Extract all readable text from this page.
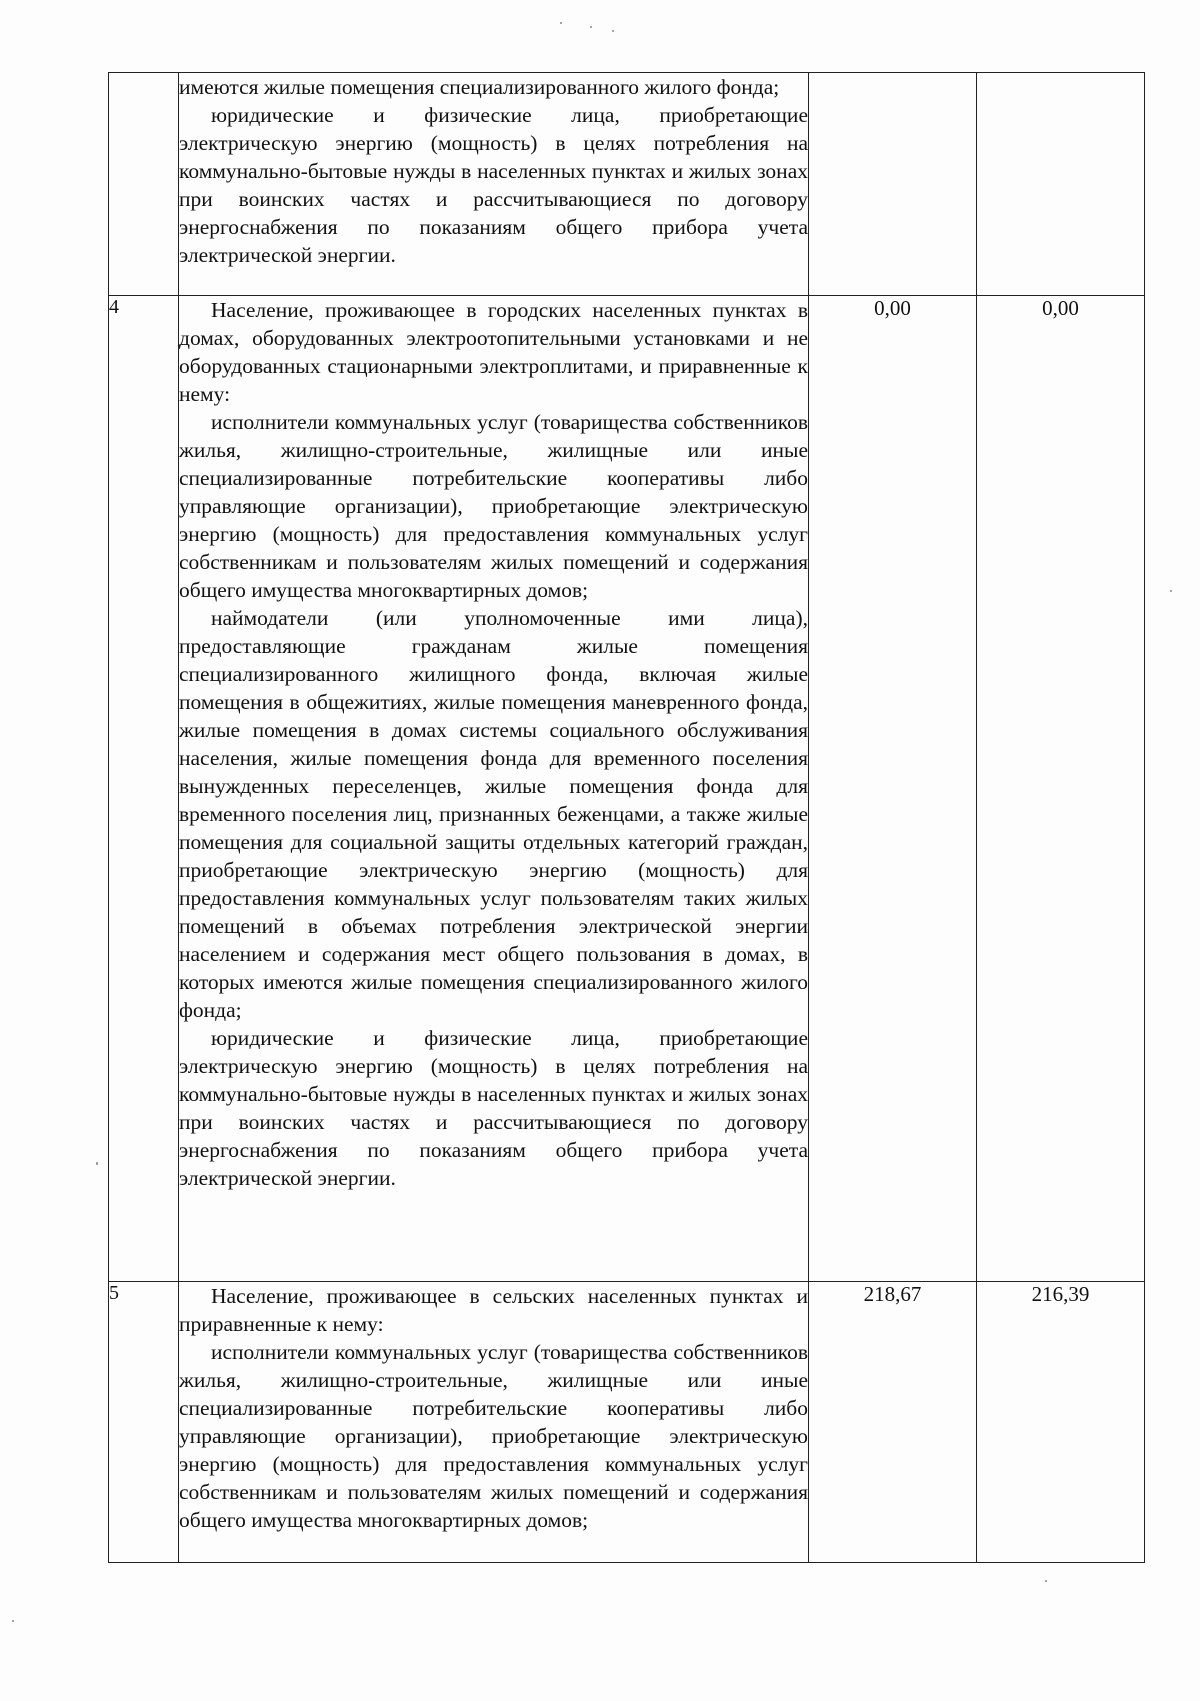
	имеются жилые помещения специализированного жилого фонда;

юридические и физические лица, приобретающие электрическую энергию (мощность) в целях потребления на коммунально-бытовые нужды в населенных пунктах и жилых зонах при воинских частях и рассчитывающиеся по договору энергоснабжения по показаниям общего прибора учета электрической энергии.		

4	Население, проживающее в городских населенных пунктах в домах, оборудованных электроотопительными установками и не оборудованных стационарными электроплитами, и приравненные к нему:

исполнители коммунальных услуг (товарищества собственников жилья, жилищно-строительные, жилищные или иные специализированные потребительские кооперативы либо управляющие организации), приобретающие электрическую энергию (мощность) для предоставления коммунальных услуг собственникам и пользователям жилых помещений и содержания общего имущества многоквартирных домов;

наймодатели (или уполномоченные ими лица), предоставляющие гражданам жилые помещения специализированного жилищного фонда, включая жилые помещения в общежитиях, жилые помещения маневренного фонда, жилые помещения в домах системы социального обслуживания населения, жилые помещения фонда для временного поселения вынужденных переселенцев, жилые помещения фонда для временного поселения лиц, признанных беженцами, а также жилые помещения для социальной защиты отдельных категорий граждан, приобретающие электрическую энергию (мощность) для предоставления коммунальных услуг пользователям таких жилых помещений в объемах потребления электрической энергии населением и содержания мест общего пользования в домах, в которых имеются жилые помещения специализированного жилого фонда;

юридические и физические лица, приобретающие электрическую энергию (мощность) в целях потребления на коммунально-бытовые нужды в населенных пунктах и жилых зонах при воинских частях и рассчитывающиеся по договору энергоснабжения по показаниям общего прибора учета электрической энергии.	0,00	0,00
5	Население, проживающее в сельских населенных пунктах и приравненные к нему:

исполнители коммунальных услуг (товарищества собственников жилья, жилищно-строительные, жилищные или иные специализированные потребительские кооперативы либо управляющие организации), приобретающие электрическую энергию (мощность) для предоставления коммунальных услуг собственникам и пользователям жилых помещений и содержания общего имущества многоквартирных домов;	218,67	216,39
